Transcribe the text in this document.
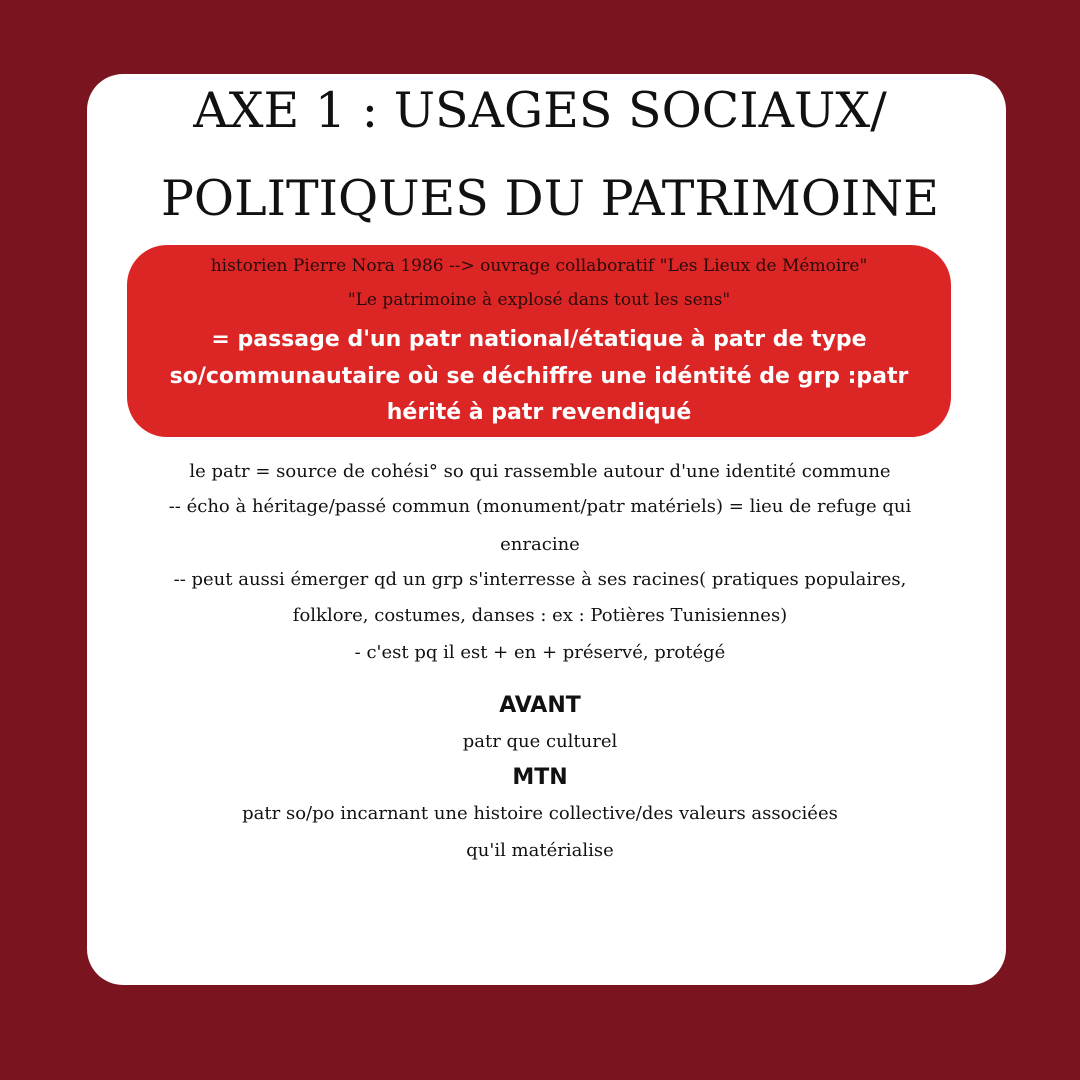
AXE 1 : USAGES SOCIAUX/
POLITIQUES DU PATRIMOINE
historien Pierre Nora 1986 --> ouvrage collaboratif "Les Lieux de Mémoire"
"Le patrimoine à explosé dans tout les sens"
= passage d'un patr national/étatique à patr de type
so/communautaire où se déchiffre une idéntité de grp :patr
hérité à patr revendiqué
le patr = source de cohési° so qui rassemble autour d'une identité commune
-- écho à héritage/passé commun (monument/patr matériels) = lieu de refuge qui
enracine
-- peut aussi émerger qd un grp s'interresse à ses racines( pratiques populaires,
folklore, costumes, danses : ex : Potières Tunisiennes)
- c'est pq il est + en + préservé, protégé
AVANT
patr que culturel
MTN
patr so/po incarnant une histoire collective/des valeurs associées
qu'il matérialise
